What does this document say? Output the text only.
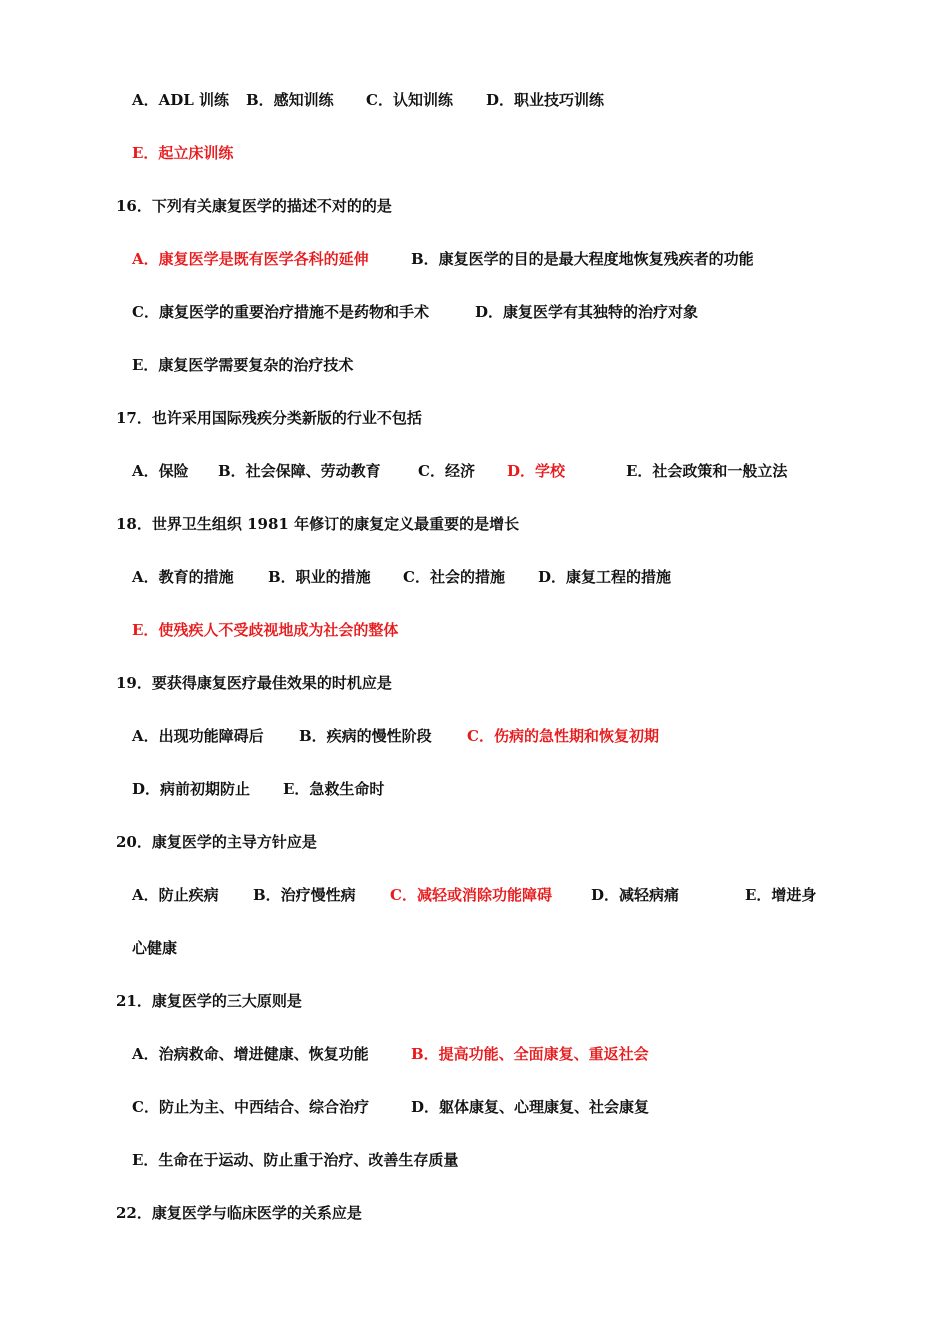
A．ADL 训练 B．感知训练 C．认知训练 D．职业技巧训练
E．起立床训练
16．下列有关康复医学的描述不对的的是
A．康复医学是既有医学各科的延伸	B．康复医学的目的是最大程度地恢复残疾者的功能
C．康复医学的重要治疗措施不是药物和手术	D．康复医学有其独特的治疗对象
E．康复医学需要复杂的治疗技术
17．也许采用国际残疾分类新版的行业不包括
A．保险 B．社会保障、劳动教育 C．经济 D．学校	E．社会政策和一般立法
18．世界卫生组织 1981 年修订的康复定义最重要的是增长
A．教育的措施 B．职业的措施 C．社会的措施 D．康复工程的措施
E．使残疾人不受歧视地成为社会的整体
19．要获得康复医疗最佳效果的时机应是
A．出现功能障碍后 B．疾病的慢性阶段 C．伤病的急性期和恢复初期
D．病前初期防止 E．急救生命时
20．康复医学的主导方针应是
A．防止疾病 B．治疗慢性病 C．减轻或消除功能障碍	D．减轻病痛	E．增进身
心健康
21．康复医学的三大原则是
A．治病救命、增进健康、恢复功能	B．提高功能、全面康复、重返社会
C．防止为主、中西结合、综合治疗	D．躯体康复、心理康复、社会康复
E．生命在于运动、防止重于治疗、改善生存质量
22．康复医学与临床医学的关系应是
